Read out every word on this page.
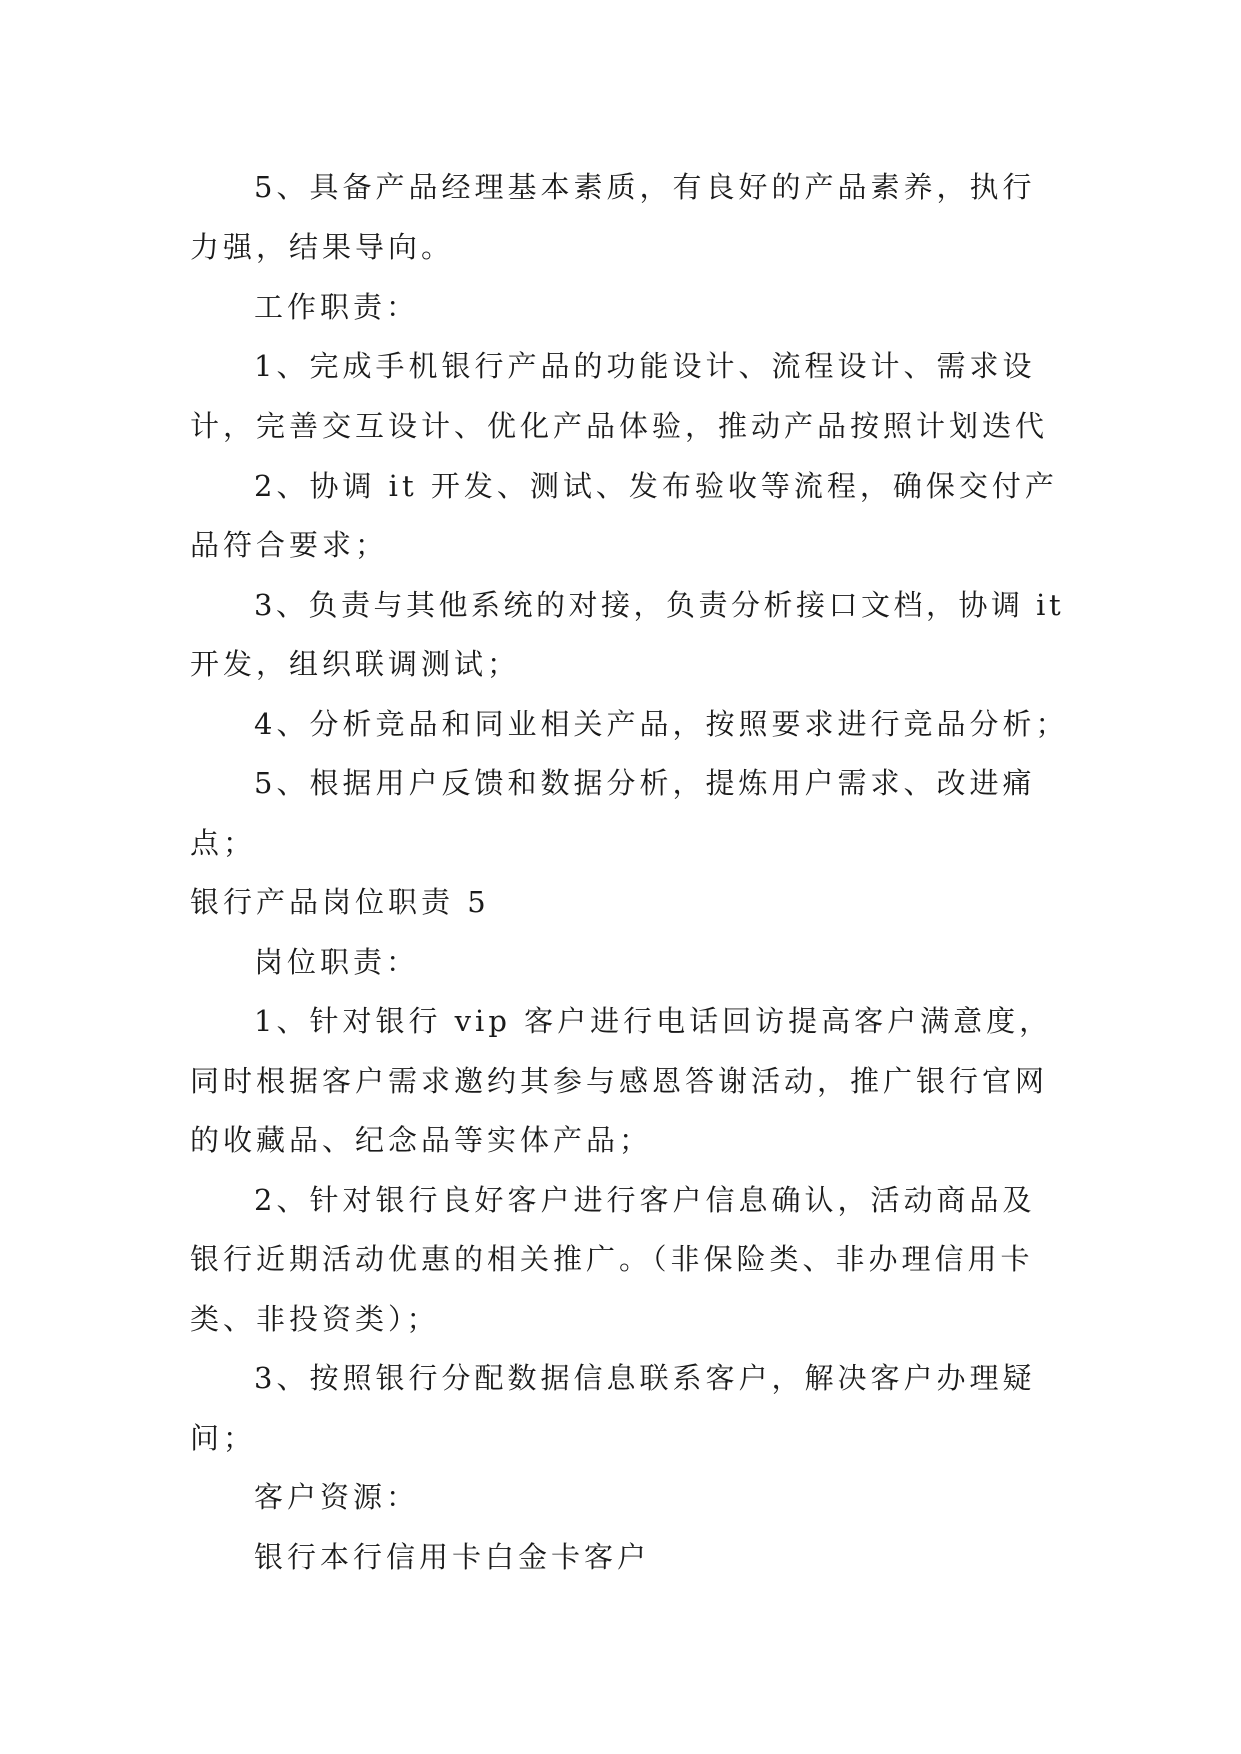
5、具备产品经理基本素质，有良好的产品素养，执行
力强，结果导向。
工作职责：
1、完成手机银行产品的功能设计、流程设计、需求设
计，完善交互设计、优化产品体验，推动产品按照计划迭代
2、协调 it 开发、测试、发布验收等流程，确保交付产
品符合要求；
3、负责与其他系统的对接，负责分析接口文档，协调 it
开发，组织联调测试；
4、分析竞品和同业相关产品，按照要求进行竞品分析；
5、根据用户反馈和数据分析，提炼用户需求、改进痛
点；
银行产品岗位职责 5
岗位职责：
1、针对银行 vip 客户进行电话回访提高客户满意度，
同时根据客户需求邀约其参与感恩答谢活动，推广银行官网
的收藏品、纪念品等实体产品；
2、针对银行良好客户进行客户信息确认，活动商品及
银行近期活动优惠的相关推广。（非保险类、非办理信用卡
类、非投资类）；
3、按照银行分配数据信息联系客户，解决客户办理疑
问；
客户资源：
银行本行信用卡白金卡客户
